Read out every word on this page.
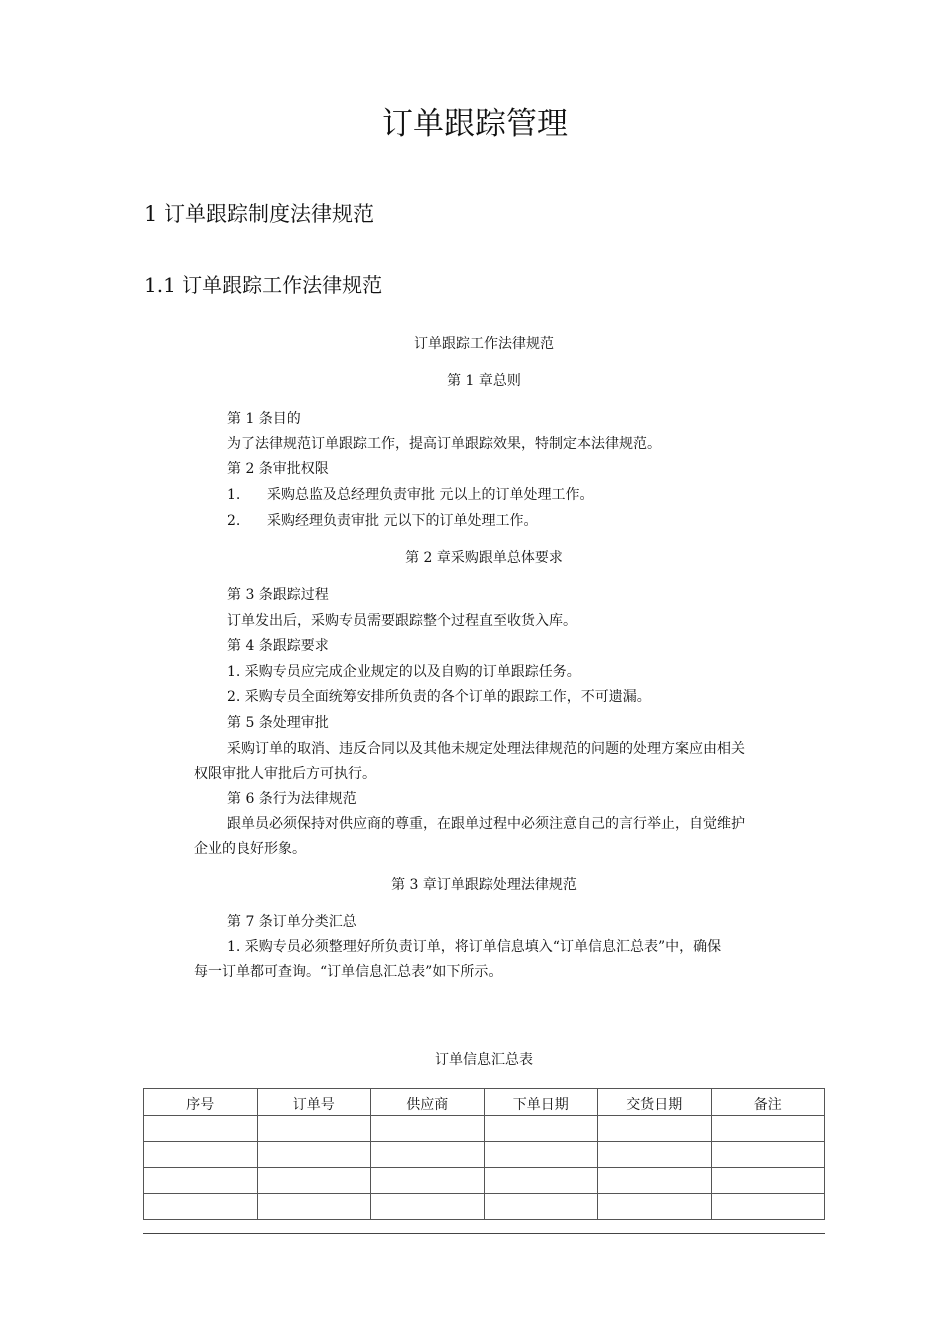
订单跟踪管理
1 订单跟踪制度法律规范
1.1 订单跟踪工作法律规范
订单跟踪工作法律规范
第 1 章总则
第 1 条目的
为了法律规范订单跟踪工作，提高订单跟踪效果，特制定本法律规范。
第 2 条审批权限
1. 采购总监及总经理负责审批 元以上的订单处理工作。
2. 采购经理负责审批 元以下的订单处理工作。
第 2 章采购跟单总体要求
第 3 条跟踪过程
订单发出后，采购专员需要跟踪整个过程直至收货入库。
第 4 条跟踪要求
1. 采购专员应完成企业规定的以及自购的订单跟踪任务。
2. 采购专员全面统筹安排所负责的各个订单的跟踪工作，不可遗漏。
第 5 条处理审批
采购订单的取消、违反合同以及其他未规定处理法律规范的问题的处理方案应由相关
权限审批人审批后方可执行。
第 6 条行为法律规范
跟单员必须保持对供应商的尊重，在跟单过程中必须注意自己的言行举止，自觉维护
企业的良好形象。
第 3 章订单跟踪处理法律规范
第 7 条订单分类汇总
1. 采购专员必须整理好所负责订单，将订单信息填入“订单信息汇总表”中，确保
每一订单都可查询。“订单信息汇总表”如下所示。
订单信息汇总表
序号	订单号	供应商	下单日期	交货日期	备注
